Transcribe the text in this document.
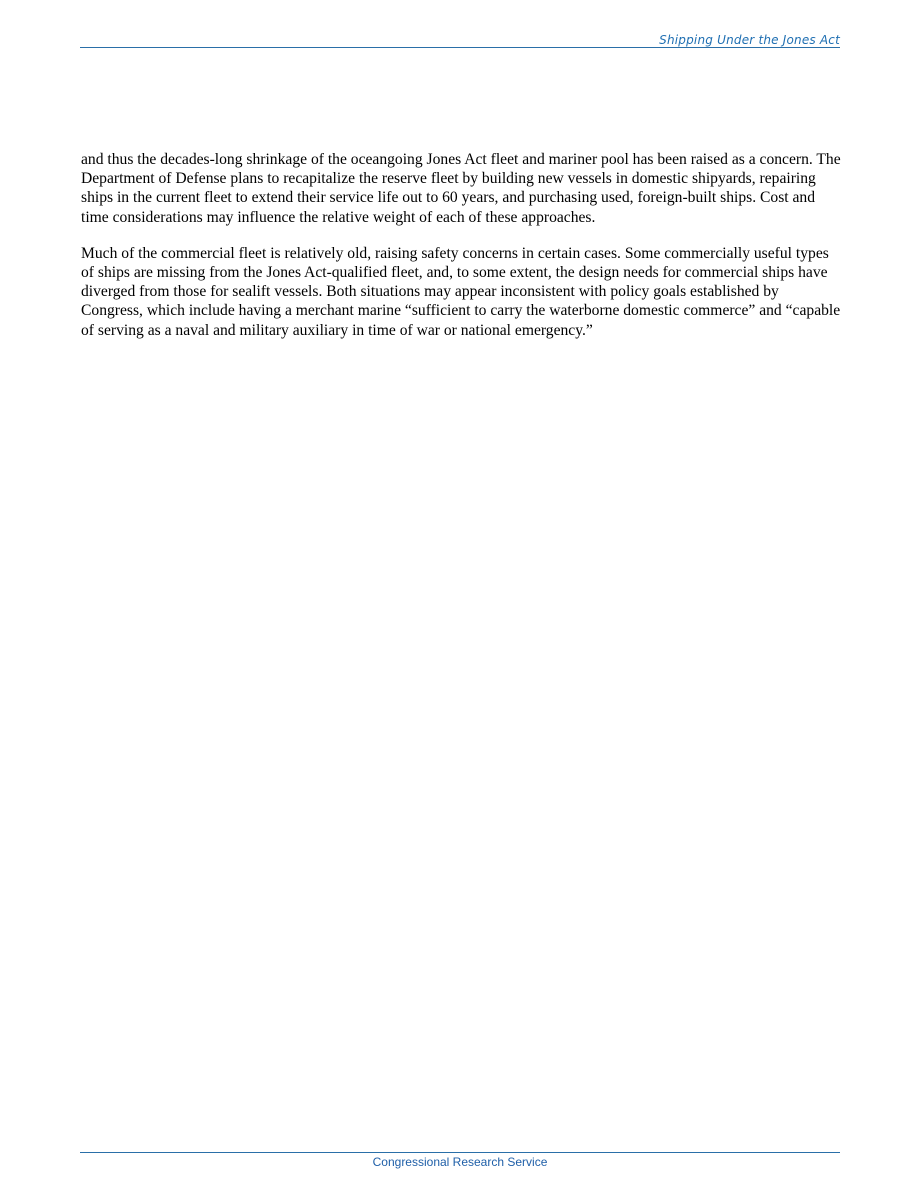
Shipping Under the Jones Act

and thus the decades-long shrinkage of the oceangoing Jones Act fleet and mariner pool has been raised as a concern. The Department of Defense plans to recapitalize the reserve fleet by building new vessels in domestic shipyards, repairing ships in the current fleet to extend their service life out to 60 years, and purchasing used, foreign-built ships. Cost and time considerations may influence the relative weight of each of these approaches.

Much of the commercial fleet is relatively old, raising safety concerns in certain cases. Some commercially useful types of ships are missing from the Jones Act-qualified fleet, and, to some extent, the design needs for commercial ships have diverged from those for sealift vessels. Both situations may appear inconsistent with policy goals established by Congress, which include having a merchant marine “sufficient to carry the waterborne domestic commerce” and “capable of serving as a naval and military auxiliary in time of war or national emergency.”

Congressional Research Service
